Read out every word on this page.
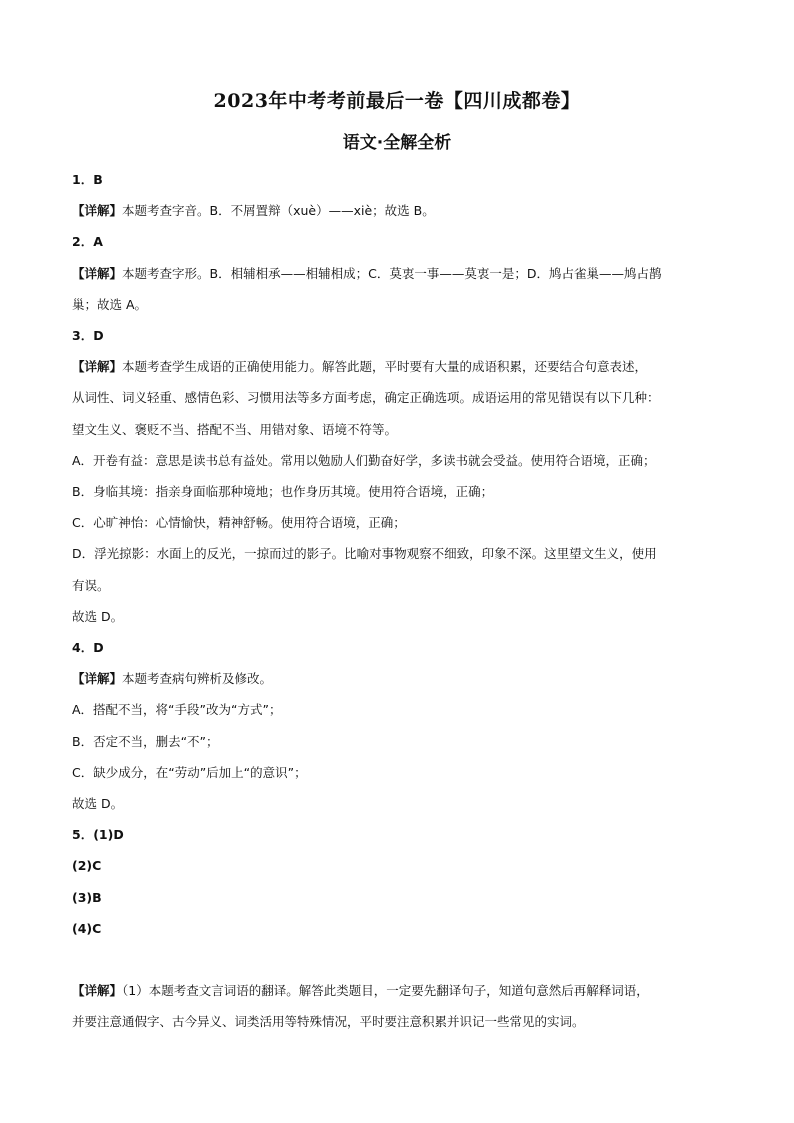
2023年中考考前最后一卷【四川成都卷】
语文·全解全析
1．B
【详解】本题考查字音。B．不屑置辩（xuè）——xiè；故选 B。
2．A
【详解】本题考查字形。B．相辅相承——相辅相成；C．莫衷一事——莫衷一是；D．鸠占雀巢——鸠占鹊
巢；故选 A。
3．D
【详解】本题考查学生成语的正确使用能力。解答此题，平时要有大量的成语积累，还要结合句意表述，
从词性、词义轻重、感情色彩、习惯用法等多方面考虑，确定正确选项。成语运用的常见错误有以下几种：
望文生义、褒贬不当、搭配不当、用错对象、语境不符等。
A．开卷有益：意思是读书总有益处。常用以勉励人们勤奋好学，多读书就会受益。使用符合语境，正确；
B．身临其境：指亲身面临那种境地；也作身历其境。使用符合语境，正确；
C．心旷神怡：心情愉快，精神舒畅。使用符合语境，正确；
D．浮光掠影：水面上的反光，一掠而过的影子。比喻对事物观察不细致，印象不深。这里望文生义，使用
有误。
故选 D。
4．D
【详解】本题考查病句辨析及修改。
A．搭配不当，将“手段”改为“方式”；
B．否定不当，删去“不”；
C．缺少成分，在“劳动”后加上“的意识”；
故选 D。
5．(1)D
(2)C
(3)B
(4)C
【详解】（1）本题考查文言词语的翻译。解答此类题目，一定要先翻译句子，知道句意然后再解释词语，
并要注意通假字、古今异义、词类活用等特殊情况，平时要注意积累并识记一些常见的实词。
